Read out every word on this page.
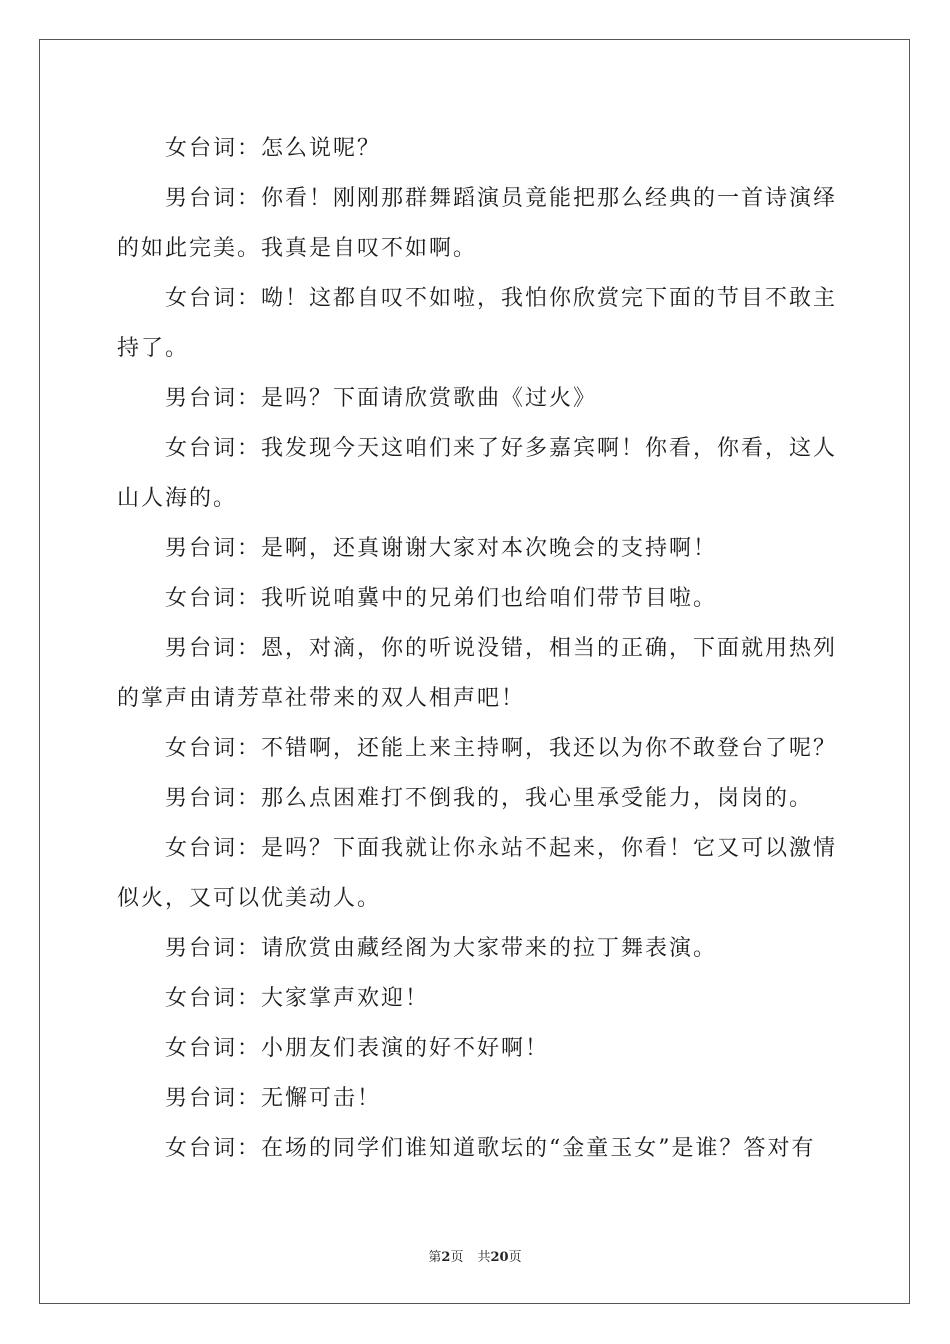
女台词：怎么说呢？

男台词：你看！刚刚那群舞蹈演员竟能把那么经典的一首诗演绎的如此完美。我真是自叹不如啊。

女台词：呦！这都自叹不如啦，我怕你欣赏完下面的节目不敢主持了。

男台词：是吗？下面请欣赏歌曲《过火》

女台词：我发现今天这咱们来了好多嘉宾啊！你看，你看，这人山人海的。

男台词：是啊，还真谢谢大家对本次晚会的支持啊！

女台词：我听说咱冀中的兄弟们也给咱们带节目啦。

男台词：恩，对滴，你的听说没错，相当的正确，下面就用热列的掌声由请芳草社带来的双人相声吧！

女台词：不错啊，还能上来主持啊，我还以为你不敢登台了呢？

男台词：那么点困难打不倒我的，我心里承受能力，岗岗的。

女台词：是吗？下面我就让你永站不起来，你看！它又可以激情似火，又可以优美动人。

男台词：请欣赏由藏经阁为大家带来的拉丁舞表演。

女台词：大家掌声欢迎！

女台词：小朋友们表演的好不好啊！

男台词：无懈可击！

女台词：在场的同学们谁知道歌坛的“金童玉女”是谁？答对有

第2页 共20页
